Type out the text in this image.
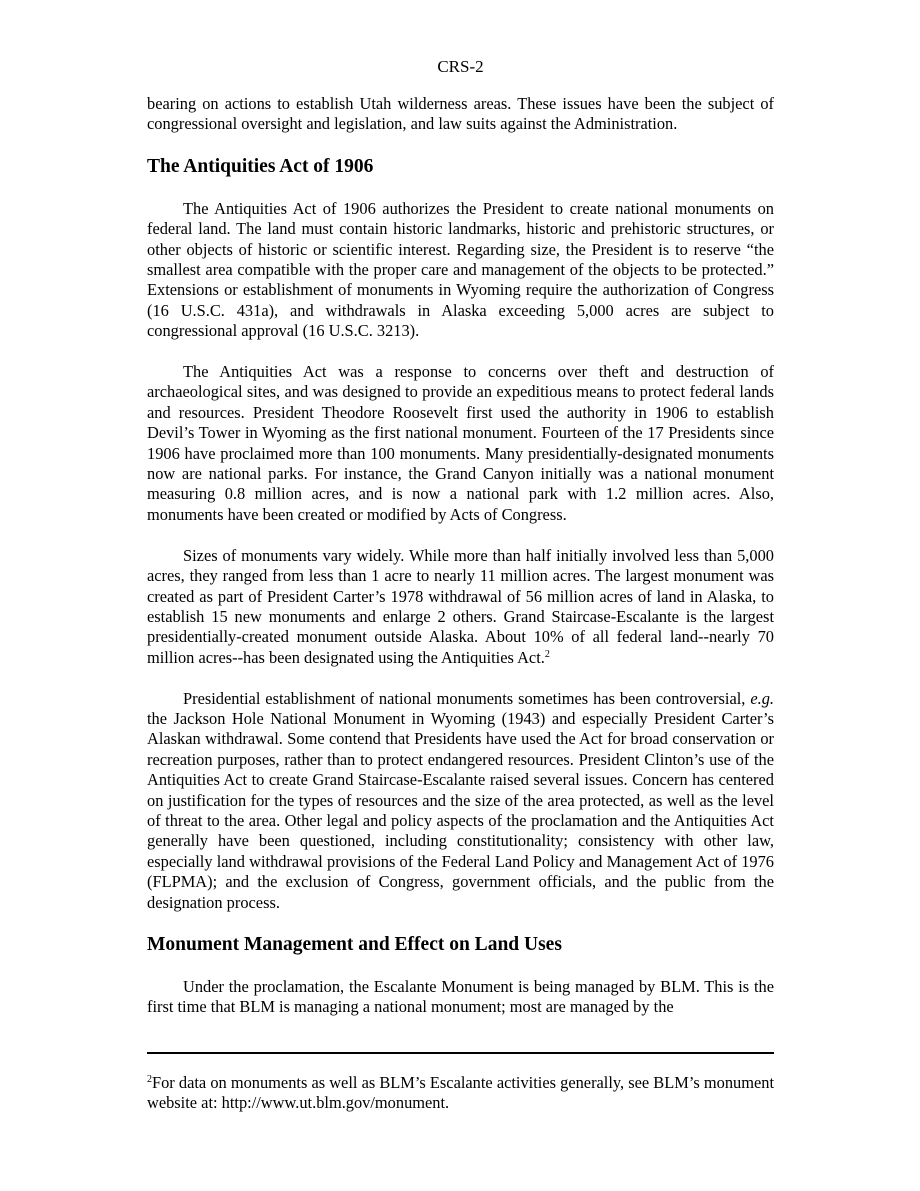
CRS-2

bearing on actions to establish Utah wilderness areas. These issues have been the subject of congressional oversight and legislation, and law suits against the Administration.

The Antiquities Act of 1906

The Antiquities Act of 1906 authorizes the President to create national monuments on federal land. The land must contain historic landmarks, historic and prehistoric structures, or other objects of historic or scientific interest. Regarding size, the President is to reserve “the smallest area compatible with the proper care and management of the objects to be protected.” Extensions or establishment of monuments in Wyoming require the authorization of Congress (16 U.S.C. 431a), and withdrawals in Alaska exceeding 5,000 acres are subject to congressional approval (16 U.S.C. 3213).

The Antiquities Act was a response to concerns over theft and destruction of archaeological sites, and was designed to provide an expeditious means to protect federal lands and resources. President Theodore Roosevelt first used the authority in 1906 to establish Devil’s Tower in Wyoming as the first national monument. Fourteen of the 17 Presidents since 1906 have proclaimed more than 100 monuments. Many presidentially-designated monuments now are national parks. For instance, the Grand Canyon initially was a national monument measuring 0.8 million acres, and is now a national park with 1.2 million acres. Also, monuments have been created or modified by Acts of Congress.

Sizes of monuments vary widely. While more than half initially involved less than 5,000 acres, they ranged from less than 1 acre to nearly 11 million acres. The largest monument was created as part of President Carter’s 1978 withdrawal of 56 million acres of land in Alaska, to establish 15 new monuments and enlarge 2 others. Grand Staircase-Escalante is the largest presidentially-created monument outside Alaska. About 10% of all federal land--nearly 70 million acres--has been designated using the Antiquities Act.$^2$

Presidential establishment of national monuments sometimes has been controversial, e.g. the Jackson Hole National Monument in Wyoming (1943) and especially President Carter’s Alaskan withdrawal. Some contend that Presidents have used the Act for broad conservation or recreation purposes, rather than to protect endangered resources. President Clinton’s use of the Antiquities Act to create Grand Staircase-Escalante raised several issues. Concern has centered on justification for the types of resources and the size of the area protected, as well as the level of threat to the area. Other legal and policy aspects of the proclamation and the Antiquities Act generally have been questioned, including constitutionality; consistency with other law, especially land withdrawal provisions of the Federal Land Policy and Management Act of 1976 (FLPMA); and the exclusion of Congress, government officials, and the public from the designation process.

Monument Management and Effect on Land Uses

Under the proclamation, the Escalante Monument is being managed by BLM. This is the first time that BLM is managing a national monument; most are managed by the

$^2$For data on monuments as well as BLM’s Escalante activities generally, see BLM’s monument website at: http://www.ut.blm.gov/monument.
